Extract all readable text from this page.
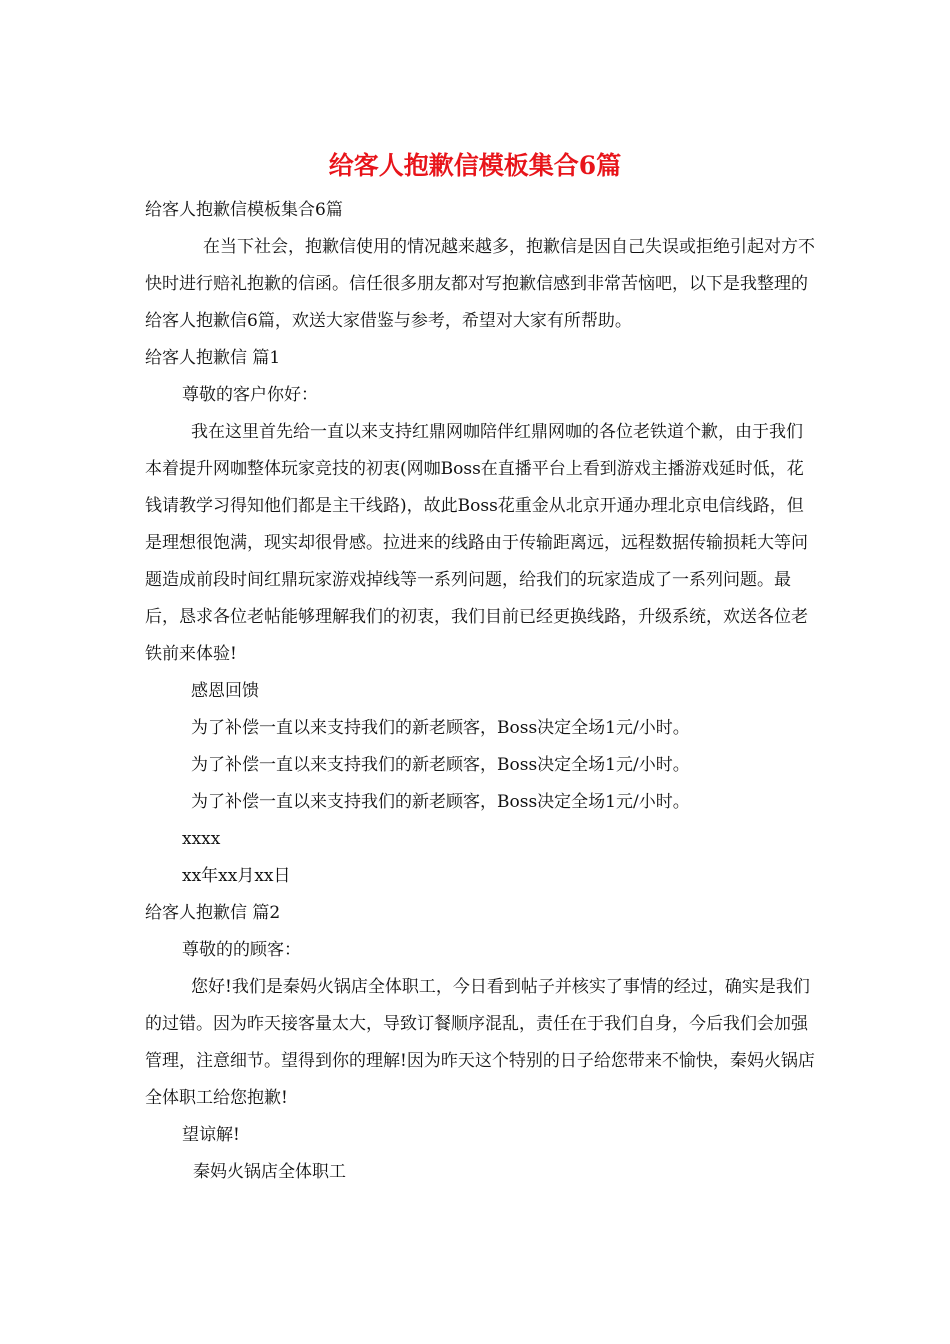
给客人抱歉信模板集合6篇

给客人抱歉信模板集合6篇

在当下社会，抱歉信使用的情况越来越多，抱歉信是因自己失误或拒绝引起对方不快时进行赔礼抱歉的信函。信任很多朋友都对写抱歉信感到非常苦恼吧，以下是我整理的给客人抱歉信6篇，欢送大家借鉴与参考，希望对大家有所帮助。

给客人抱歉信 篇1

尊敬的客户你好：

我在这里首先给一直以来支持红鼎网咖陪伴红鼎网咖的各位老铁道个歉，由于我们本着提升网咖整体玩家竞技的初衷(网咖Boss在直播平台上看到游戏主播游戏延时低，花钱请教学习得知他们都是主干线路)，故此Boss花重金从北京开通办理北京电信线路，但是理想很饱满，现实却很骨感。拉进来的线路由于传输距离远，远程数据传输损耗大等问题造成前段时间红鼎玩家游戏掉线等一系列问题，给我们的玩家造成了一系列问题。最后，恳求各位老帖能够理解我们的初衷，我们目前已经更换线路，升级系统，欢送各位老铁前来体验!

感恩回馈

为了补偿一直以来支持我们的新老顾客，Boss决定全场1元/小时。

为了补偿一直以来支持我们的新老顾客，Boss决定全场1元/小时。

为了补偿一直以来支持我们的新老顾客，Boss决定全场1元/小时。

xxxx

xx年xx月xx日

给客人抱歉信 篇2

尊敬的的顾客：

您好!我们是秦妈火锅店全体职工，今日看到帖子并核实了事情的经过，确实是我们的过错。因为昨天接客量太大，导致订餐顺序混乱，责任在于我们自身，今后我们会加强管理，注意细节。望得到你的理解!因为昨天这个特别的日子给您带来不愉快，秦妈火锅店全体职工给您抱歉!

望谅解!

秦妈火锅店全体职工
